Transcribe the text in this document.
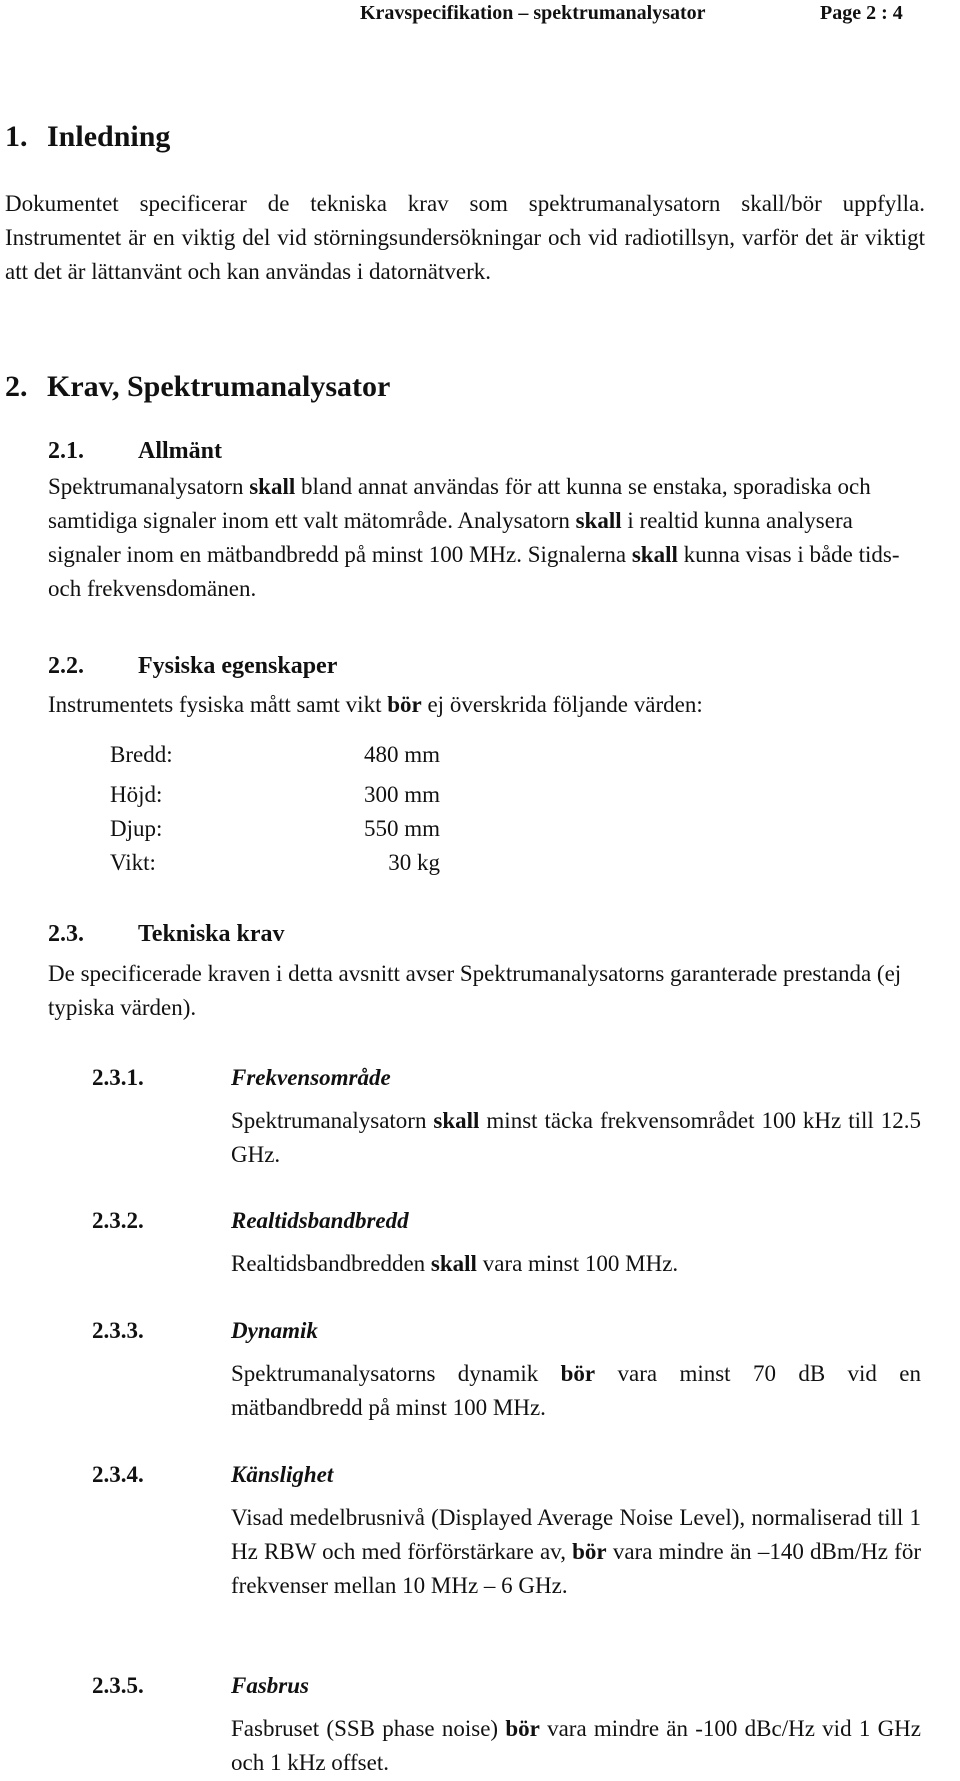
Kravspecifikation – spektrumanalysator	Page 2 : 4
1. Inledning
Dokumentet specificerar de tekniska krav som spektrumanalysatorn skall/bör uppfylla. Instrumentet är en viktig del vid störningsundersökningar och vid radiotillsyn, varför det är viktigt att det är lättanvänt och kan användas i datornätverk.
2. Krav, Spektrumanalysator
2.1. Allmänt
Spektrumanalysatorn skall bland annat användas för att kunna se enstaka, sporadiska och samtidiga signaler inom ett valt mätområde. Analysatorn skall i realtid kunna analysera signaler inom en mätbandbredd på minst 100 MHz. Signalerna skall kunna visas i både tids- och frekvensdomänen.
2.2. Fysiska egenskaper
Instrumentets fysiska mått samt vikt bör ej överskrida följande värden:
Bredd:	480 mm
Höjd:	300 mm
Djup:	550 mm
Vikt:	30 kg
2.3. Tekniska krav
De specificerade kraven i detta avsnitt avser Spektrumanalysatorns garanterade prestanda (ej typiska värden).
2.3.1.	Frekvensområde
Spektrumanalysatorn skall minst täcka frekvensområdet 100 kHz till 12.5 GHz.
2.3.2.	Realtidsbandbredd
Realtidsbandbredden skall vara minst 100 MHz.
2.3.3.	Dynamik
Spektrumanalysatorns dynamik bör vara minst 70 dB vid en mätbandbredd på minst 100 MHz.
2.3.4.	Känslighet
Visad medelbrusnivå (Displayed Average Noise Level), normaliserad till 1 Hz RBW och med förförstärkare av, bör vara mindre än –140 dBm/Hz för frekvenser mellan 10 MHz – 6 GHz.
2.3.5.	Fasbrus
Fasbruset (SSB phase noise) bör vara mindre än -100 dBc/Hz vid 1 GHz och 1 kHz offset.
